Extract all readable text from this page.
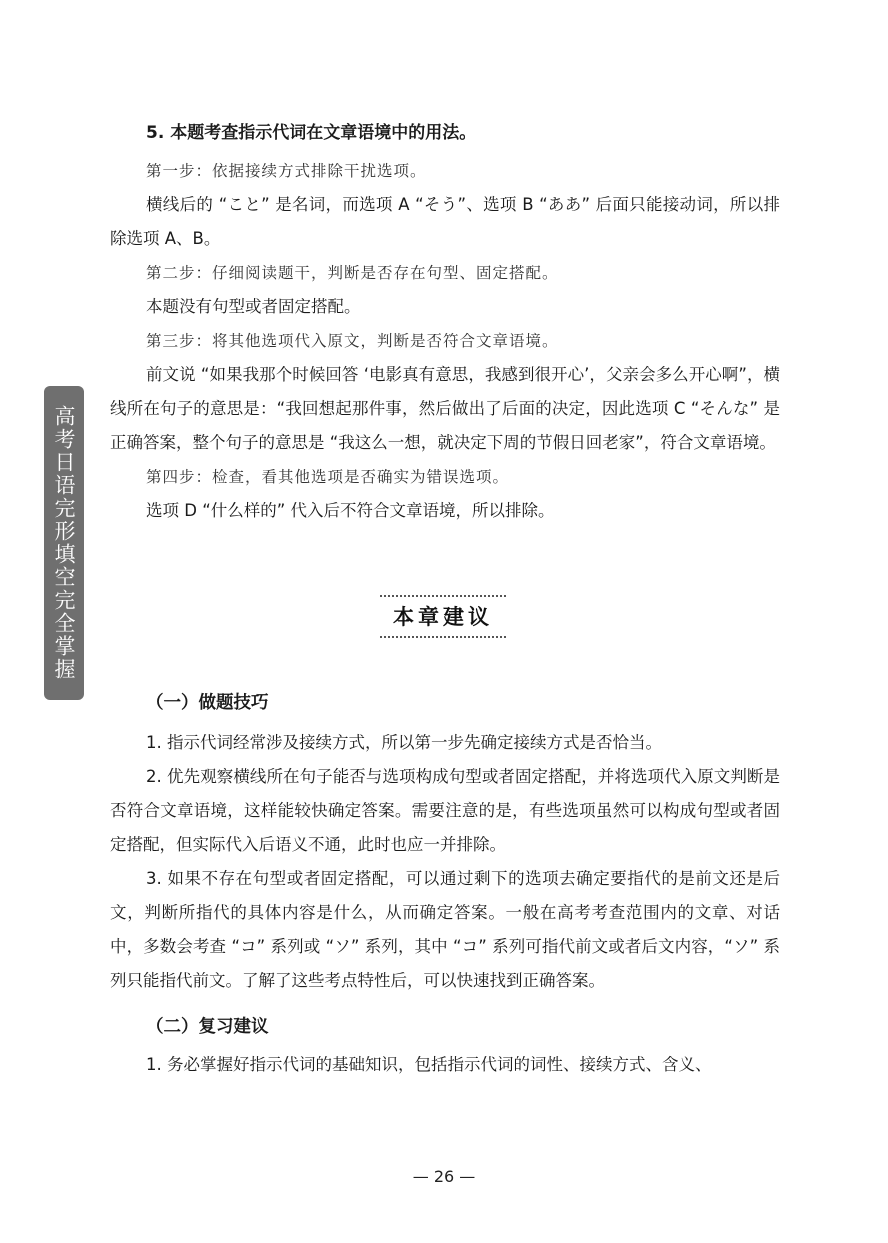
高考日语完形填空完全掌握

5. 本题考查指示代词在文章语境中的用法。

第一步：依据接续方式排除干扰选项。

横线后的 “こと” 是名词，而选项 A “そう”、选项 B “ああ” 后面只能接动词，所以排除选项 A、B。

第二步：仔细阅读题干，判断是否存在句型、固定搭配。

本题没有句型或者固定搭配。

第三步：将其他选项代入原文，判断是否符合文章语境。

前文说 “如果我那个时候回答 ‘电影真有意思，我感到很开心’，父亲会多么开心啊”，横线所在句子的意思是：“我回想起那件事，然后做出了后面的决定，因此选项 C “そんな” 是正确答案，整个句子的意思是 “我这么一想，就决定下周的节假日回老家”，符合文章语境。

第四步：检查，看其他选项是否确实为错误选项。

选项 D “什么样的” 代入后不符合文章语境，所以排除。

本章建议

（一）做题技巧

1. 指示代词经常涉及接续方式，所以第一步先确定接续方式是否恰当。

2. 优先观察横线所在句子能否与选项构成句型或者固定搭配，并将选项代入原文判断是否符合文章语境，这样能较快确定答案。需要注意的是，有些选项虽然可以构成句型或者固定搭配，但实际代入后语义不通，此时也应一并排除。

3. 如果不存在句型或者固定搭配，可以通过剩下的选项去确定要指代的是前文还是后文，判断所指代的具体内容是什么，从而确定答案。一般在高考考查范围内的文章、对话中，多数会考查 “コ” 系列或 “ソ” 系列，其中 “コ” 系列可指代前文或者后文内容，“ソ” 系列只能指代前文。了解了这些考点特性后，可以快速找到正确答案。

（二）复习建议

1. 务必掌握好指示代词的基础知识，包括指示代词的词性、接续方式、含义、

— 26 —
